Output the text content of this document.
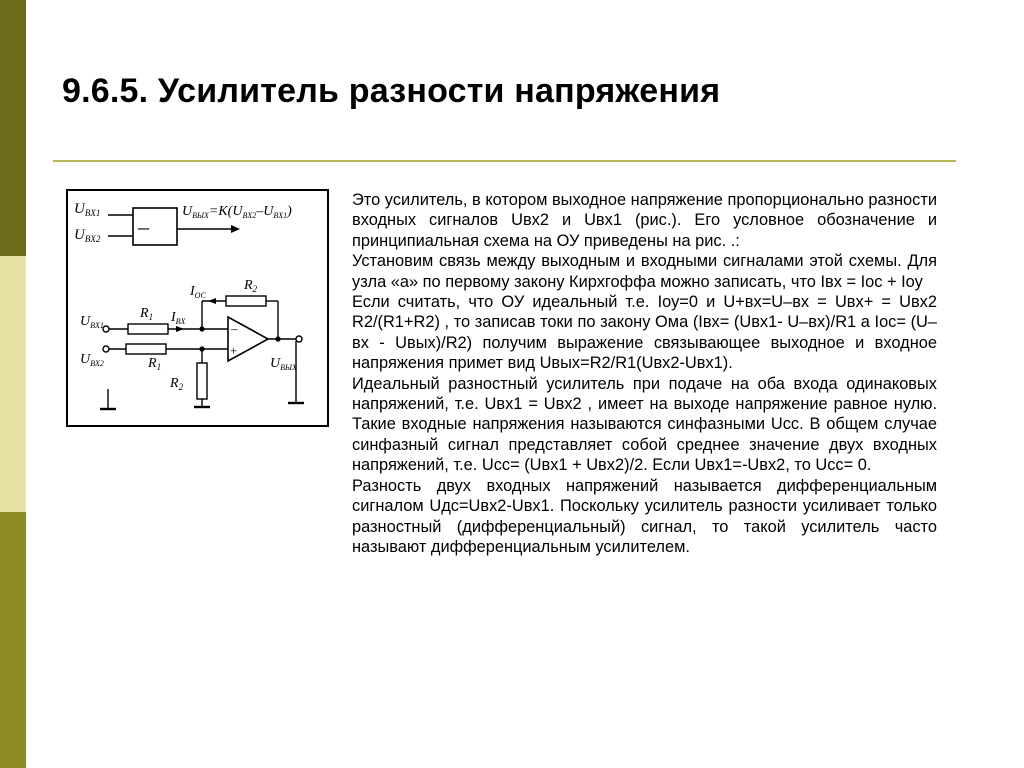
9.6.5. Усилитель разности напряжения
–
$U_{BX1}$
$U_{BX2}$
$U_{ВЫХ}=K(U_{BX2}-U_{BX1})$
–
+
$U_{BX1}$
$U_{BX2}$
$R_1$
$R_1$
$R_2$
$R_2$
$I_{OC}$
$I_{BX}$
$U_{ВЫХ}$

Это усилитель, в котором выходное напряжение пропорционально разности входных сигналов Uвх2 и Uвх1 (рис.). Его условное обозначение и принципиальная схема на ОУ приведены на рис. .:

Установим связь между выходным и входными сигналами этой схемы. Для узла «а» по первому закону Кирхгоффа можно записать, что Iвх = Iос + Iоу

Если считать, что ОУ идеальный т.е. Iоу=0 и U+вх=U–вх = Uвх+ = Uвх2 R2/(R1+R2) , то записав токи по закону Ома (Iвх= (Uвх1- U–вх)/R1 а Iос= (U–вх - Uвых)/R2) получим выражение связывающее выходное и входное напряжения примет вид Uвых=R2/R1(Uвх2-Uвх1).

Идеальный разностный усилитель при подаче на оба входа одинаковых напряжений, т.е. Uвх1 = Uвх2 , имеет на выходе напряжение равное нулю. Такие входные напряжения называются синфазными Uсс. В общем случае синфазный сигнал представляет собой среднее значение двух входных напряжений, т.е. Uсс= (Uвх1 + Uвх2)/2. Если Uвх1=-Uвх2, то Uсс= 0.

Разность двух входных напряжений называется дифференциальным сигналом Uдс=Uвх2-Uвх1. Поскольку усилитель разности усиливает только разностный (дифференциальный) сигнал, то такой усилитель часто называют дифференциальным усилителем.
